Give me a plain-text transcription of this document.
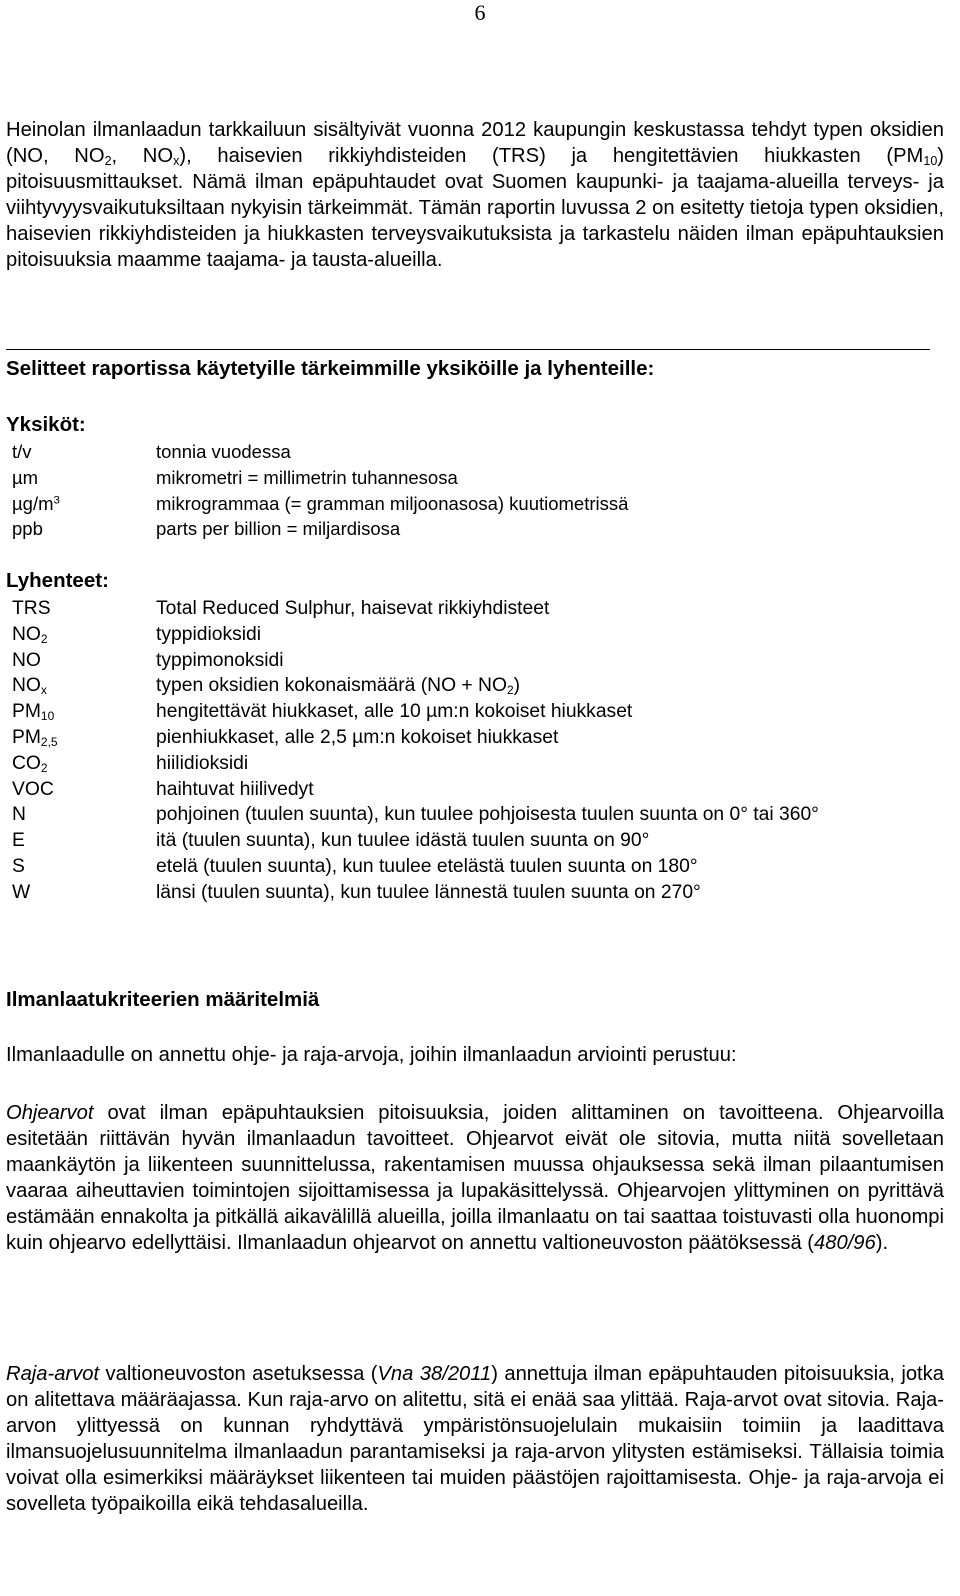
6

Heinolan ilmanlaadun tarkkailuun sisältyivät vuonna 2012 kaupungin keskustassa tehdyt typen oksidien (NO, $NO_2$, $NO_x$), haisevien rikkiyhdisteiden (TRS) ja hengitettävien hiukkasten $(PM_{10})$ pitoisuusmittaukset. Nämä ilman epäpuhtaudet ovat Suomen kaupunki- ja taajama-alueilla terveys- ja viihtyvyysvaikutuksiltaan nykyisin tärkeimmät. Tämän raportin luvussa 2 on esitetty tietoja typen oksidien, haisevien rikkiyhdisteiden ja hiukkasten terveysvaikutuksista ja tarkastelu näiden ilman epäpuhtauksien pitoisuuksia maamme taajama- ja tausta-alueilla.

Selitteet raportissa käytetyille tärkeimmille yksiköille ja lyhenteille:
Yksiköt:
t/v	tonnia vuodessa
µm	mikrometri = millimetrin tuhannesosa
$\mu g/m^3$	mikrogrammaa (= gramman miljoonasosa) kuutiometrissä
ppb	parts per billion = miljardisosa
Lyhenteet:
TRS	Total Reduced Sulphur, haisevat rikkiyhdisteet
$NO_2$	typpidioksidi
NO	typpimonoksidi
$NO_x$	typen oksidien kokonaismäärä $(NO + NO_2)$
$PM_{10}$	hengitettävät hiukkaset, alle 10 µm:n kokoiset hiukkaset
$PM_{2,5}$	pienhiukkaset, alle 2,5 µm:n kokoiset hiukkaset
$CO_2$	hiilidioksidi
VOC	haihtuvat hiilivedyt
N	pohjoinen (tuulen suunta), kun tuulee pohjoisesta tuulen suunta on 0° tai 360°
E	itä (tuulen suunta), kun tuulee idästä tuulen suunta on 90°
S	etelä (tuulen suunta), kun tuulee etelästä tuulen suunta on 180°
W	länsi (tuulen suunta), kun tuulee lännestä tuulen suunta on 270°
Ilmanlaatukriteerien määritelmiä

Ilmanlaadulle on annettu ohje- ja raja-arvoja, joihin ilmanlaadun arviointi perustuu:

Ohjearvot ovat ilman epäpuhtauksien pitoisuuksia, joiden alittaminen on tavoitteena. Ohjearvoilla esitetään riittävän hyvän ilmanlaadun tavoitteet. Ohjearvot eivät ole sitovia, mutta niitä sovelletaan maankäytön ja liikenteen suunnittelussa, rakentamisen muussa ohjauksessa sekä ilman pilaantumisen vaaraa aiheuttavien toimintojen sijoittamisessa ja lupakäsittelyssä. Ohjearvojen ylittyminen on pyrittävä estämään ennakolta ja pitkällä aikavälillä alueilla, joilla ilmanlaatu on tai saattaa toistuvasti olla huonompi kuin ohjearvo edellyttäisi. Ilmanlaadun ohjearvot on annettu valtioneuvoston päätöksessä (480/96).

Raja-arvot valtioneuvoston asetuksessa (Vna 38/2011) annettuja ilman epäpuhtauden pitoisuuksia, jotka on alitettava määräajassa. Kun raja-arvo on alitettu, sitä ei enää saa ylittää. Raja-arvot ovat sitovia. Raja-arvon ylittyessä on kunnan ryhdyttävä ympäristönsuojelulain mukaisiin toimiin ja laadittava ilmansuojelusuunnitelma ilmanlaadun parantamiseksi ja raja-arvon ylitysten estämiseksi. Tällaisia toimia voivat olla esimerkiksi määräykset liikenteen tai muiden päästöjen rajoittamisesta. Ohje- ja raja-arvoja ei sovelleta työpaikoilla eikä tehdasalueilla.
